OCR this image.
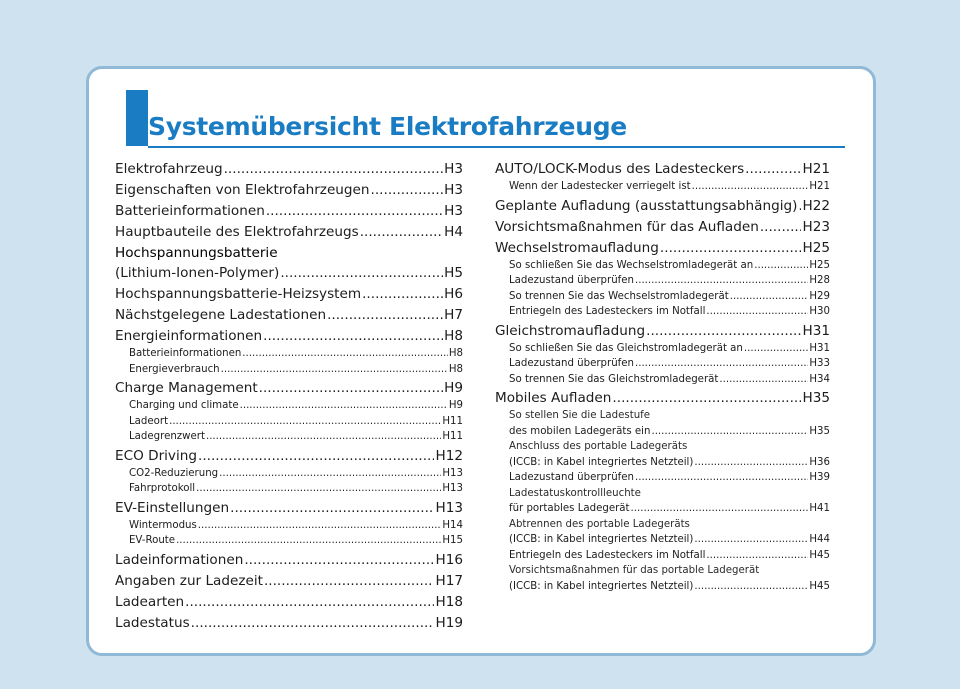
Systemübersicht Elektrofahrzeuge
Elektrofahrzeug .....	H3
Eigenschaften von Elektrofahrzeugen .....	H3
Batterieinformationen .....	H3
Hauptbauteile des Elektrofahrzeugs .....	H4
Hochspannungsbatterie
(Lithium-Ionen-Polymer) .....	H5
Hochspannungsbatterie-Heizsystem .....	H6
Nächstgelegene Ladestationen .....	H7
Energieinformationen .....	H8
Batterieinformationen .....	H8
Energieverbrauch .....	H8
Charge Management .....	H9
Charging und climate .....	H9
Ladeort .....	H11
Ladegrenzwert .....	H11
ECO Driving .....	H12
CO2-Reduzierung .....	H13
Fahrprotokoll .....	H13
EV-Einstellungen .....	H13
Wintermodus .....	H14
EV-Route .....	H15
Ladeinformationen .....	H16
Angaben zur Ladezeit .....	H17
Ladearten .....	H18
Ladestatus .....	H19
AUTO/LOCK-Modus des Ladesteckers .....	H21
Wenn der Ladestecker verriegelt ist .....	H21
Geplante Aufladung (ausstattungsabhängig) ..... H22
Vorsichtsmaßnahmen für das Aufladen .....	H23
Wechselstromaufladung .....	H25
So schließen Sie das Wechselstromladegerät an .....	H25
Ladezustand überprüfen .....	H28
So trennen Sie das Wechselstromladegerät .....	H29
Entriegeln des Ladesteckers im Notfall .....	H30
Gleichstromaufladung .....	H31
So schließen Sie das Gleichstromladegerät an .....	H31
Ladezustand überprüfen .....	H33
So trennen Sie das Gleichstromladegerät .....	H34
Mobiles Aufladen .....	H35
So stellen Sie die Ladestufe
des mobilen Ladegeräts ein .....	H35
Anschluss des portable Ladegeräts
(ICCB: in Kabel integriertes Netzteil) .....	H36
Ladezustand überprüfen .....	H39
Ladestatuskontrollleuchte
für portables Ladegerät .....	H41
Abtrennen des portable Ladegeräts
(ICCB: in Kabel integriertes Netzteil) .....	H44
Entriegeln des Ladesteckers im Notfall .....	H45
Vorsichtsmaßnahmen für das portable Ladegerät
(ICCB: in Kabel integriertes Netzteil) .....	H45
